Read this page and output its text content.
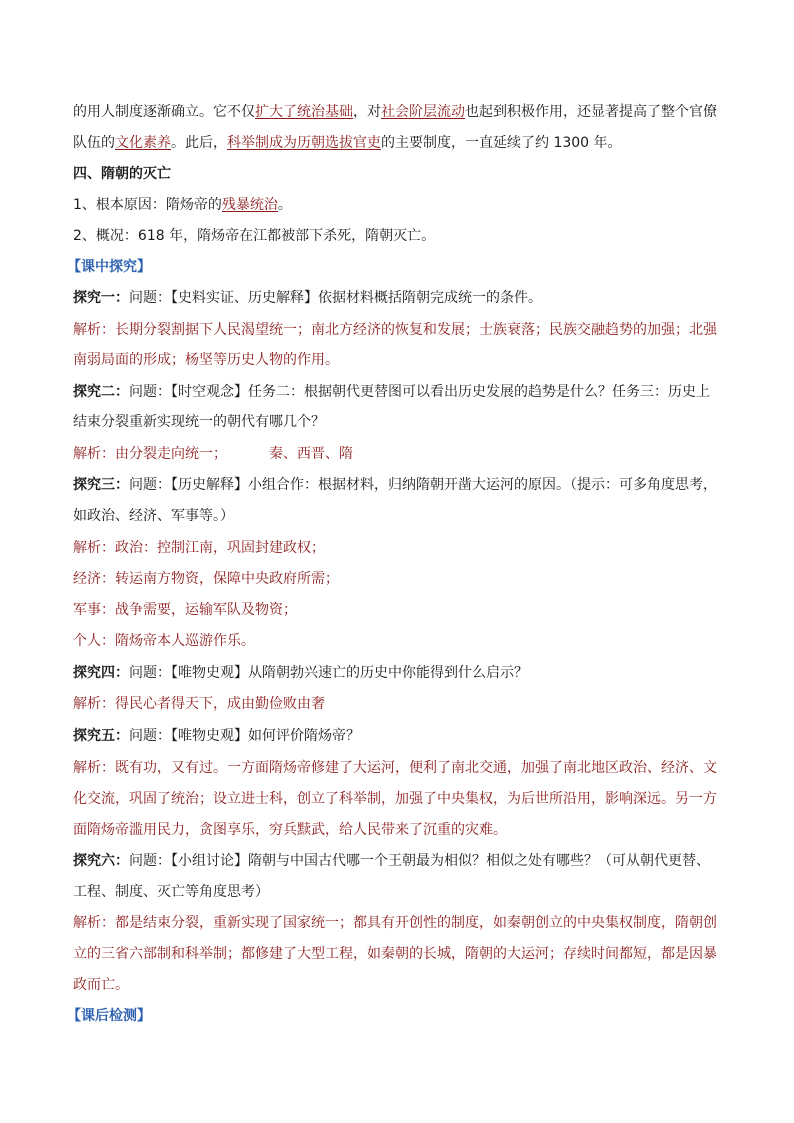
的用人制度逐渐确立。它不仅扩大了统治基础，对社会阶层流动也起到积极作用，还显著提高了整个官僚
队伍的文化素养。此后，科举制成为历朝选拔官吏的主要制度，一直延续了约 1300 年。
四、隋朝的灭亡
1、根本原因：隋炀帝的残暴统治。
2、概况：618 年，隋炀帝在江都被部下杀死，隋朝灭亡。
【课中探究】
探究一：问题：【史料实证、历史解释】依据材料概括隋朝完成统一的条件。
解析：长期分裂割据下人民渴望统一；南北方经济的恢复和发展；士族衰落；民族交融趋势的加强；北强
南弱局面的形成；杨坚等历史人物的作用。
探究二：问题：【时空观念】任务二：根据朝代更替图可以看出历史发展的趋势是什么？任务三：历史上
结束分裂重新实现统一的朝代有哪几个？
解析：由分裂走向统一；	秦、西晋、隋
探究三：问题：【历史解释】小组合作：根据材料，归纳隋朝开凿大运河的原因。（提示：可多角度思考，
如政治、经济、军事等。）
解析：政治：控制江南，巩固封建政权；
经济：转运南方物资，保障中央政府所需；
军事：战争需要，运输军队及物资；
个人：隋炀帝本人巡游作乐。
探究四：问题：【唯物史观】从隋朝勃兴速亡的历史中你能得到什么启示？
解析：得民心者得天下，成由勤俭败由奢
探究五：问题：【唯物史观】如何评价隋炀帝？
解析：既有功，又有过。一方面隋炀帝修建了大运河，便利了南北交通，加强了南北地区政治、经济、文
化交流，巩固了统治；设立进士科，创立了科举制，加强了中央集权，为后世所沿用，影响深远。另一方
面隋炀帝滥用民力，贪图享乐，穷兵黩武，给人民带来了沉重的灾难。
探究六：问题：【小组讨论】隋朝与中国古代哪一个王朝最为相似？相似之处有哪些？（可从朝代更替、
工程、制度、灭亡等角度思考）
解析：都是结束分裂，重新实现了国家统一；都具有开创性的制度，如秦朝创立的中央集权制度，隋朝创
立的三省六部制和科举制；都修建了大型工程，如秦朝的长城，隋朝的大运河；存续时间都短，都是因暴
政而亡。
【课后检测】
